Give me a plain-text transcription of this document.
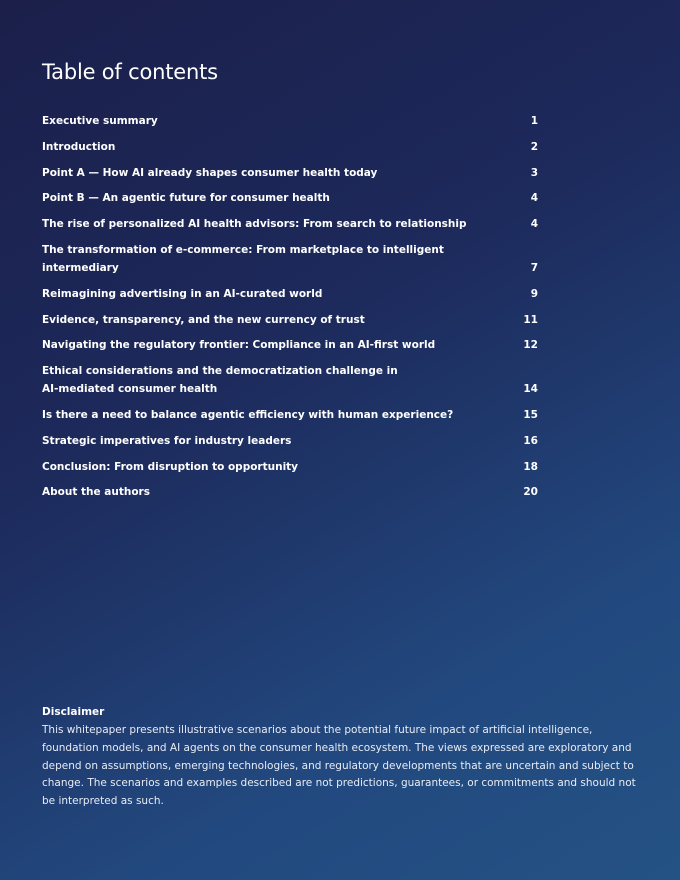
Table of contents
Executive summary	1
Introduction	2
Point A — How AI already shapes consumer health today	3
Point B — An agentic future for consumer health	4
The rise of personalized AI health advisors: From search to relationship	4
The transformation of e-commerce: From marketplace to intelligent intermediary	7
Reimagining advertising in an AI-curated world	9
Evidence, transparency, and the new currency of trust	11
Navigating the regulatory frontier: Compliance in an AI-first world	12
Ethical considerations and the democratization challenge in
AI-mediated consumer health	14
Is there a need to balance agentic efficiency with human experience?	15
Strategic imperatives for industry leaders	16
Conclusion: From disruption to opportunity	18
About the authors	20
Disclaimer

This whitepaper presents illustrative scenarios about the potential future impact of artificial intelligence, foundation models, and AI agents on the consumer health ecosystem. The views expressed are exploratory and depend on assumptions, emerging technologies, and regulatory developments that are uncertain and subject to change. The scenarios and examples described are not predictions, guarantees, or commitments and should not be interpreted as such.
